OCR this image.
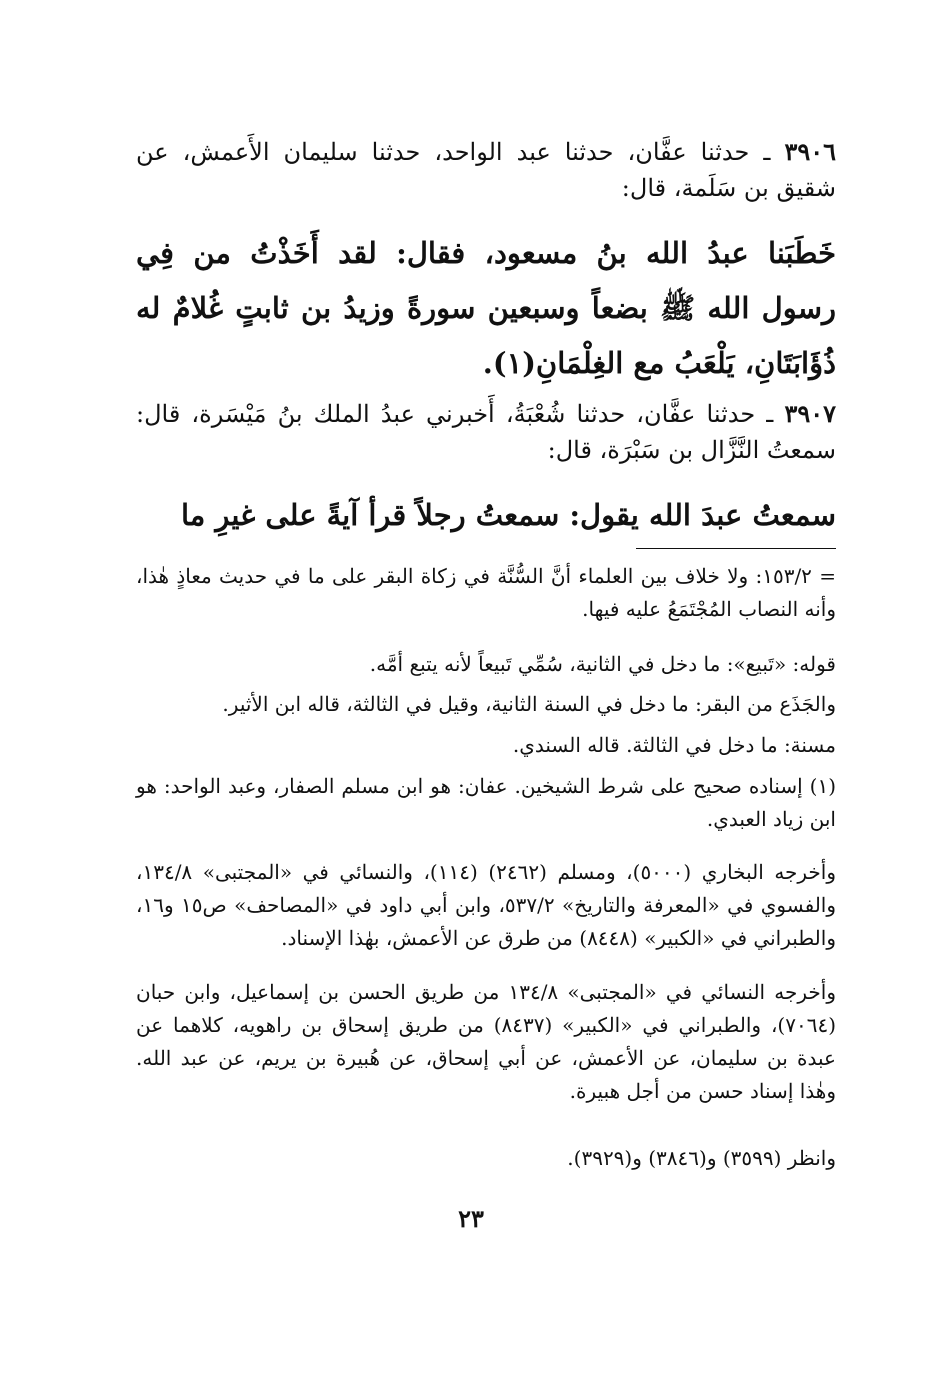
٣٩٠٦ ـ حدثنا عفَّان، حدثنا عبد الواحد، حدثنا سليمان الأَعمش، عن شقيق بن سَلَمة، قال:

خَطَبَنا عبدُ الله بنُ مسعود، فقال: لقد أَخَذْتُ من فِي رسول الله ﷺ بضعاً وسبعين سورةً وزيدُ بن ثابتٍ غُلامٌ له ذُؤَابَتَانِ، يَلْعَبُ مع الغِلْمَانِ(١).

٣٩٠٧ ـ حدثنا عفَّان، حدثنا شُعْبَةُ، أَخبرني عبدُ الملك بنُ مَيْسَرة، قال: سمعتُ النَّزَّال بن سَبْرَة، قال:

سمعتُ عبدَ الله يقول: سمعتُ رجلاً قرأ آيةً على غيرِ ما

= ١٥٣/٢: ولا خلاف بين العلماء أنَّ السُّنَّة في زكاة البقر على ما في حديث معاذٍ هٰذا، وأنه النصاب المُجْتَمَعُ عليه فيها.

قوله: «تَبيع»: ما دخل في الثانية، سُمِّي تَبيعاً لأنه يتبع أمَّه.

والجَذَع من البقر: ما دخل في السنة الثانية، وقيل في الثالثة، قاله ابن الأثير.

مسنة: ما دخل في الثالثة. قاله السندي.

(١) إسناده صحيح على شرط الشيخين. عفان: هو ابن مسلم الصفار، وعبد الواحد: هو ابن زياد العبدي.

وأخرجه البخاري (٥٠٠٠)، ومسلم (٢٤٦٢) (١١٤)، والنسائي في «المجتبى» ١٣٤/٨، والفسوي في «المعرفة والتاريخ» ٥٣٧/٢، وابن أبي داود في «المصاحف» ص١٥ و١٦، والطبراني في «الكبير» (٨٤٤٨) من طرق عن الأعمش، بهٰذا الإسناد.

وأخرجه النسائي في «المجتبى» ١٣٤/٨ من طريق الحسن بن إسماعيل، وابن حبان (٧٠٦٤)، والطبراني في «الكبير» (٨٤٣٧) من طريق إسحاق بن راهويه، كلاهما عن عبدة بن سليمان، عن الأعمش، عن أبي إسحاق، عن هُبيرة بن يريم، عن عبد الله. وهٰذا إسناد حسن من أجل هبيرة.

وانظر (٣٥٩٩) و(٣٨٤٦) و(٣٩٢٩).

٢٣
